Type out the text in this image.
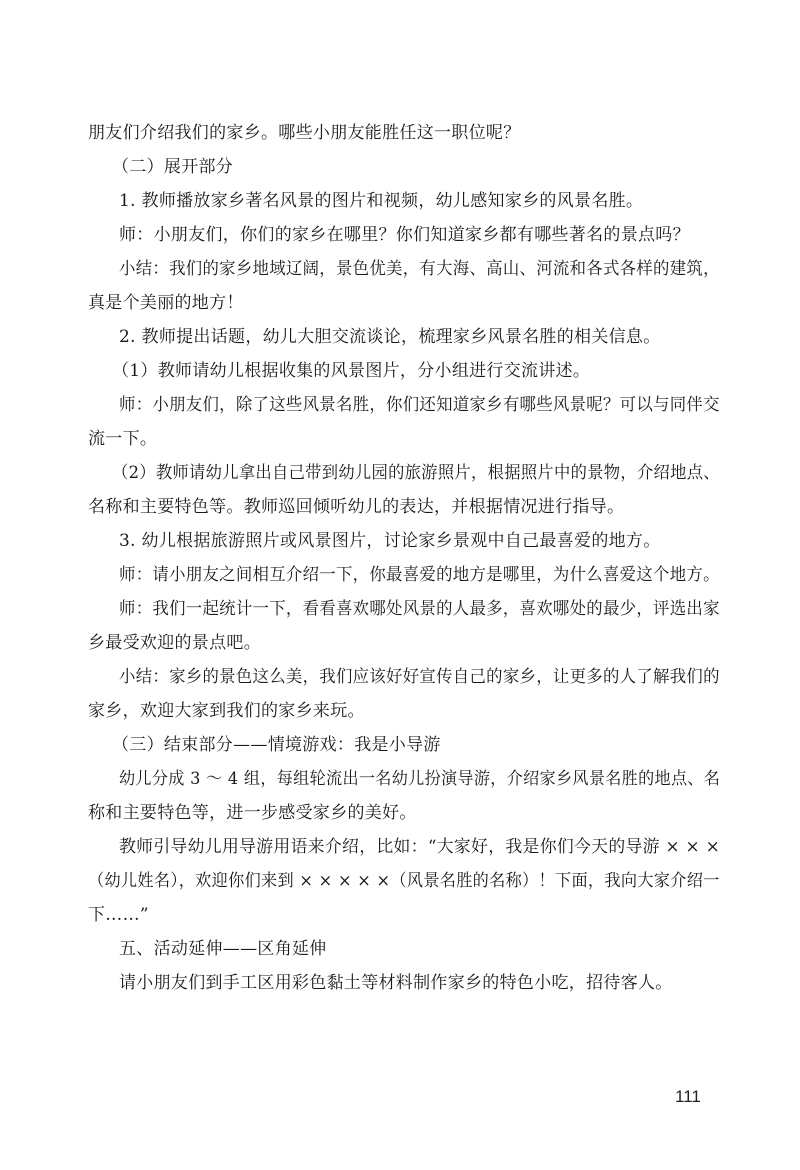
朋友们介绍我们的家乡。哪些小朋友能胜任这一职位呢？
（二）展开部分
1. 教师播放家乡著名风景的图片和视频，幼儿感知家乡的风景名胜。
师：小朋友们，你们的家乡在哪里？你们知道家乡都有哪些著名的景点吗？
小结：我们的家乡地域辽阔，景色优美，有大海、高山、河流和各式各样的建筑，
真是个美丽的地方！
2. 教师提出话题，幼儿大胆交流谈论，梳理家乡风景名胜的相关信息。
（1）教师请幼儿根据收集的风景图片，分小组进行交流讲述。
师：小朋友们，除了这些风景名胜，你们还知道家乡有哪些风景呢？可以与同伴交
流一下。
（2）教师请幼儿拿出自己带到幼儿园的旅游照片，根据照片中的景物，介绍地点、
名称和主要特色等。教师巡回倾听幼儿的表达，并根据情况进行指导。
3. 幼儿根据旅游照片或风景图片，讨论家乡景观中自己最喜爱的地方。
师：请小朋友之间相互介绍一下，你最喜爱的地方是哪里，为什么喜爱这个地方。
师：我们一起统计一下，看看喜欢哪处风景的人最多，喜欢哪处的最少，评选出家
乡最受欢迎的景点吧。
小结：家乡的景色这么美，我们应该好好宣传自己的家乡，让更多的人了解我们的
家乡，欢迎大家到我们的家乡来玩。
（三）结束部分——情境游戏：我是小导游
幼儿分成 3 ～ 4 组，每组轮流出一名幼儿扮演导游，介绍家乡风景名胜的地点、名
称和主要特色等，进一步感受家乡的美好。
教师引导幼儿用导游用语来介绍，比如：“大家好，我是你们今天的导游 × × ×
（幼儿姓名），欢迎你们来到 × × × × ×（风景名胜的名称）！下面，我向大家介绍一
下……”
五、活动延伸——区角延伸
请小朋友们到手工区用彩色黏土等材料制作家乡的特色小吃，招待客人。
111
